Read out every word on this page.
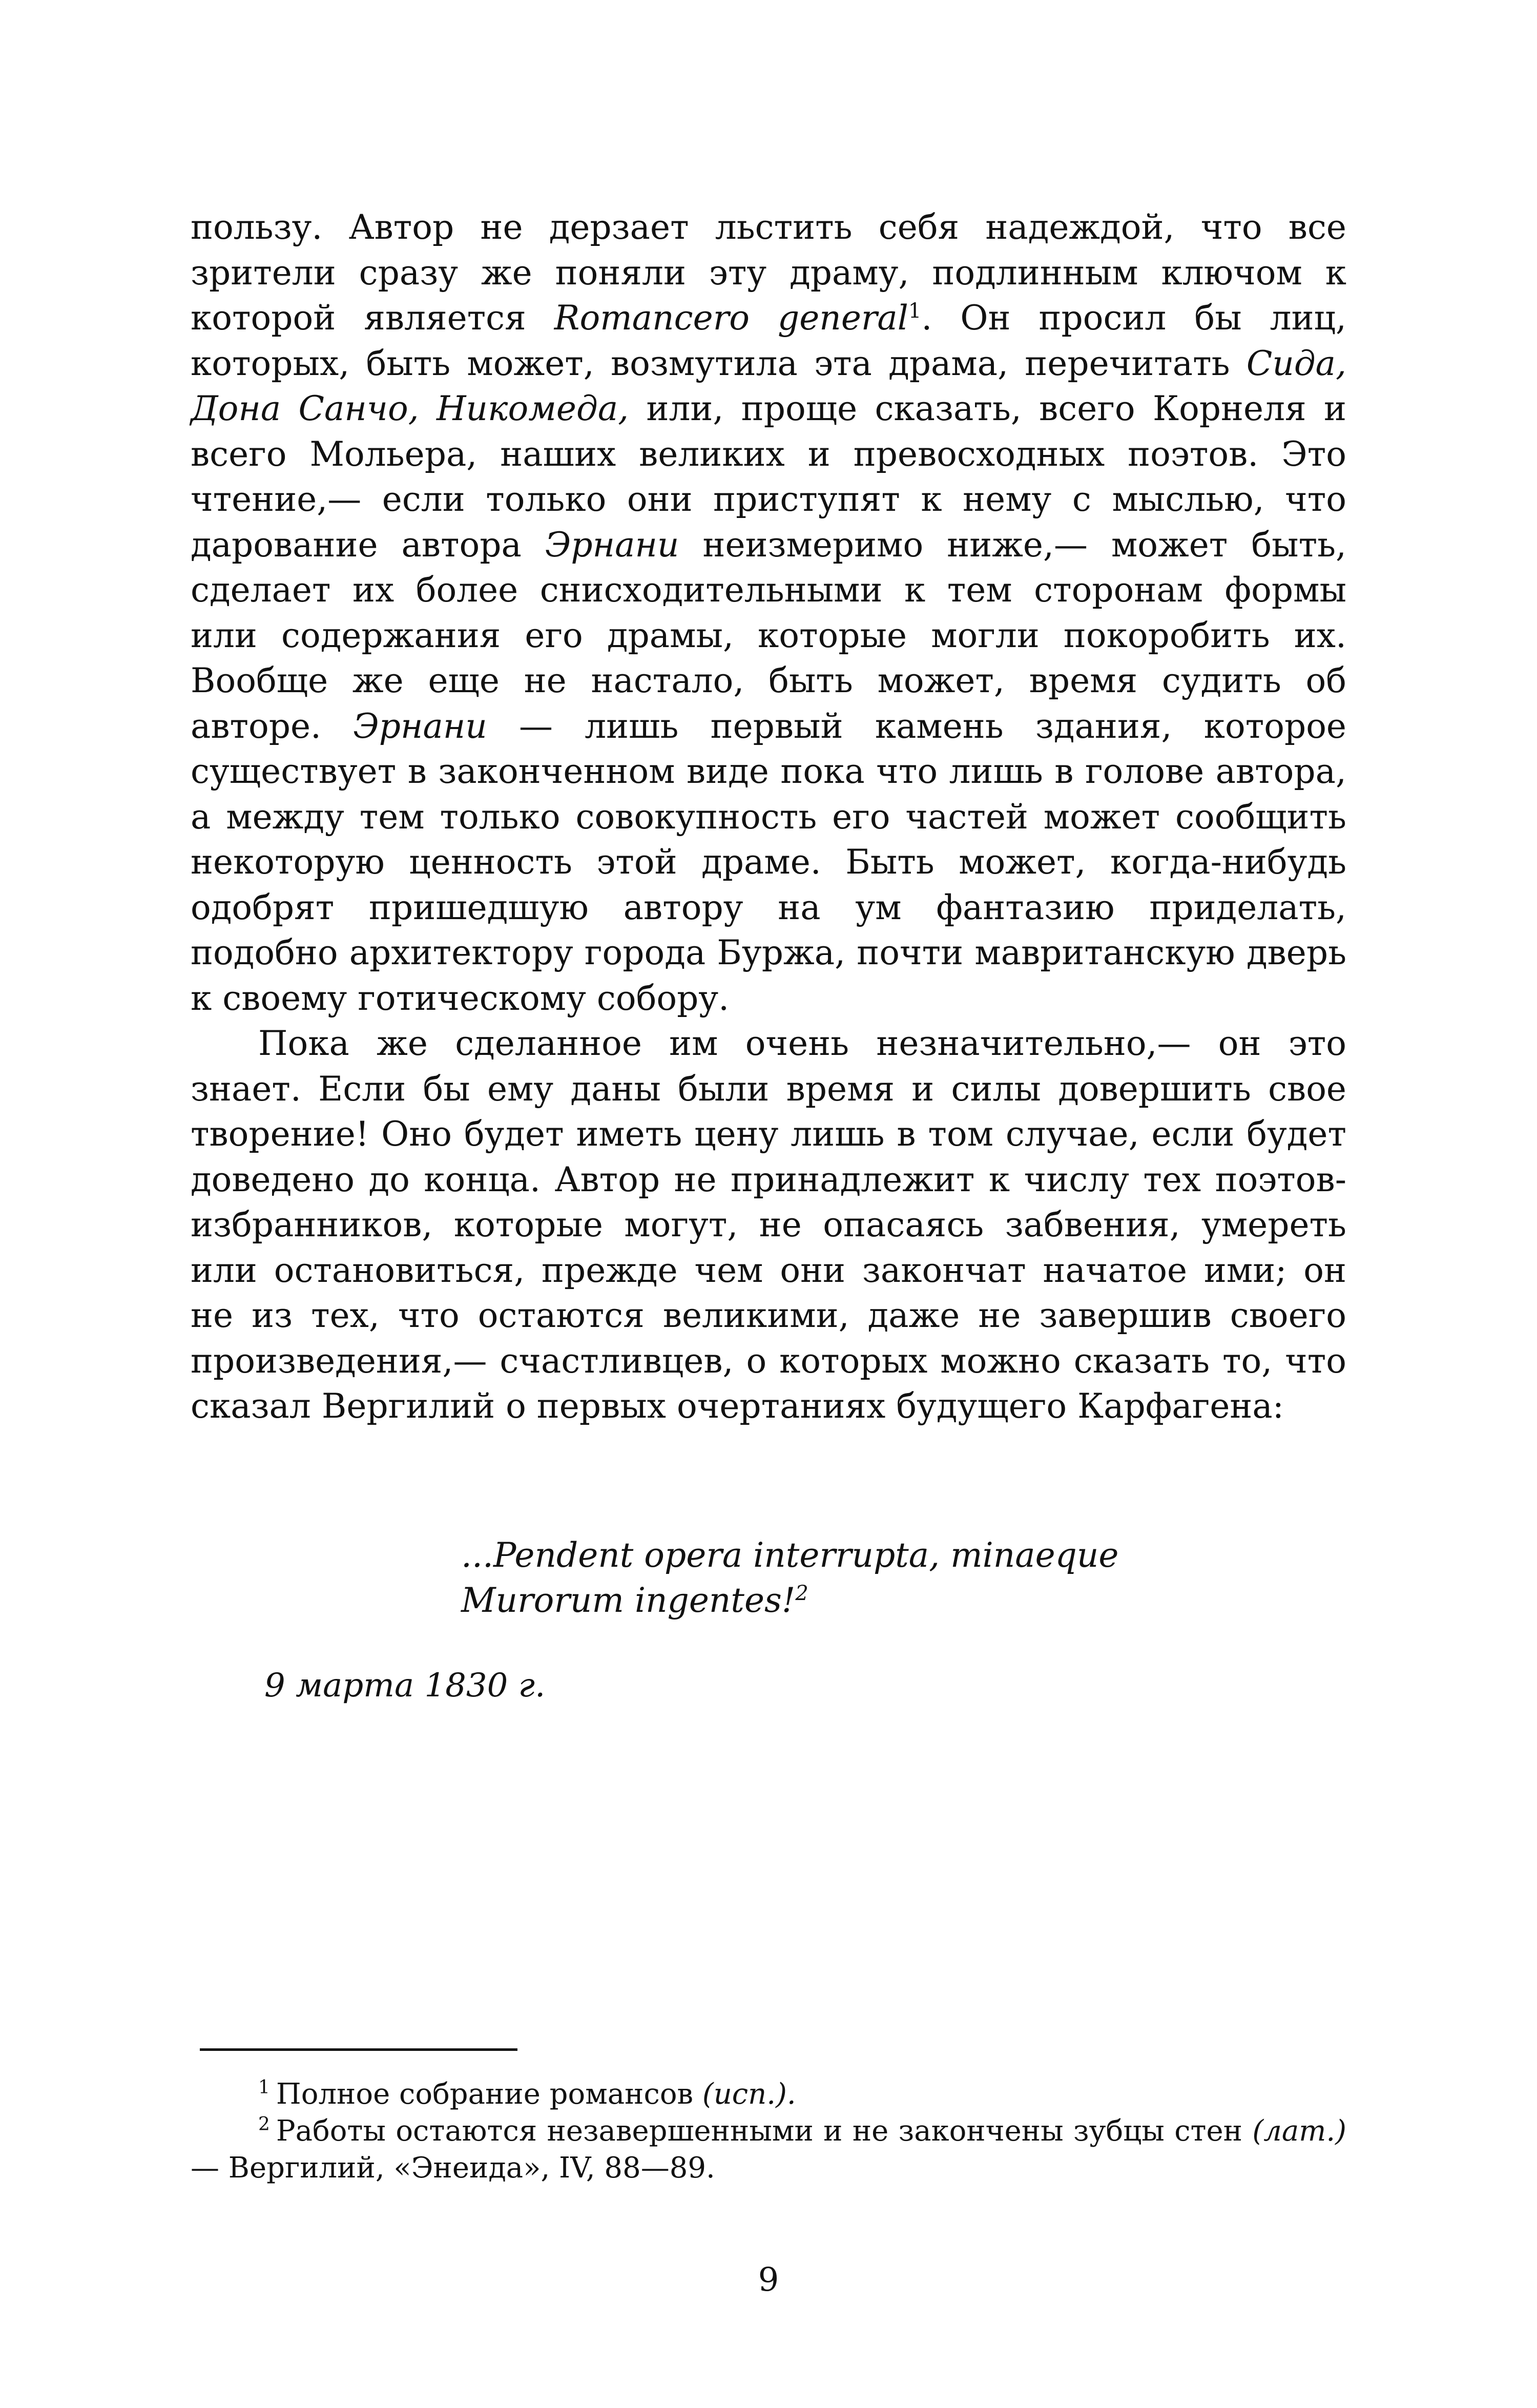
пользу. Автор не дерзает льстить себя надеждой, что все зрители сразу же поняли эту драму, подлинным ключом к которой является Romancero general$^1$. Он просил бы лиц, которых, быть может, возмутила эта драма, перечитать Сида, Дона Санчо, Никомеда, или, проще сказать, всего Корнеля и всего Мольера, наших великих и превосходных поэтов. Это чтение,— если только они приступят к нему с мыслью, что дарование автора Эрнани неизмеримо ниже,— может быть, сделает их более снисходительными к тем сторонам формы или содержания его драмы, которые могли покоробить их. Вообще же еще не настало, быть может, время судить об авторе. Эрнани — лишь первый камень здания, которое существует в законченном виде пока что лишь в голове автора, а между тем только совокупность его частей может сообщить некоторую ценность этой драме. Быть может, когда-нибудь одобрят пришедшую автору на ум фантазию приделать, подобно архитектору города Буржа, почти мавританскую дверь к своему готическому собору.

Пока же сделанное им очень незначительно,— он это знает. Если бы ему даны были время и силы довершить свое творение! Оно будет иметь цену лишь в том случае, если будет доведено до конца. Автор не принадлежит к числу тех поэтов-избранников, которые могут, не опасаясь забвения, умереть или остановиться, прежде чем они закончат начатое ими; он не из тех, что остаются великими, даже не завершив своего произведения,— счастливцев, о которых можно сказать то, что сказал Вергилий о первых очертаниях будущего Карфагена:

...Pendent opera interrupta, minaeque
Murorum ingentes!$^2$
9 марта 1830 г.

$^1$ Полное собрание романсов (исп.).

$^2$ Работы остаются незавершенными и не закончены зубцы стен (лат.) — Вергилий, «Энеида», IV, 88—89.

9
